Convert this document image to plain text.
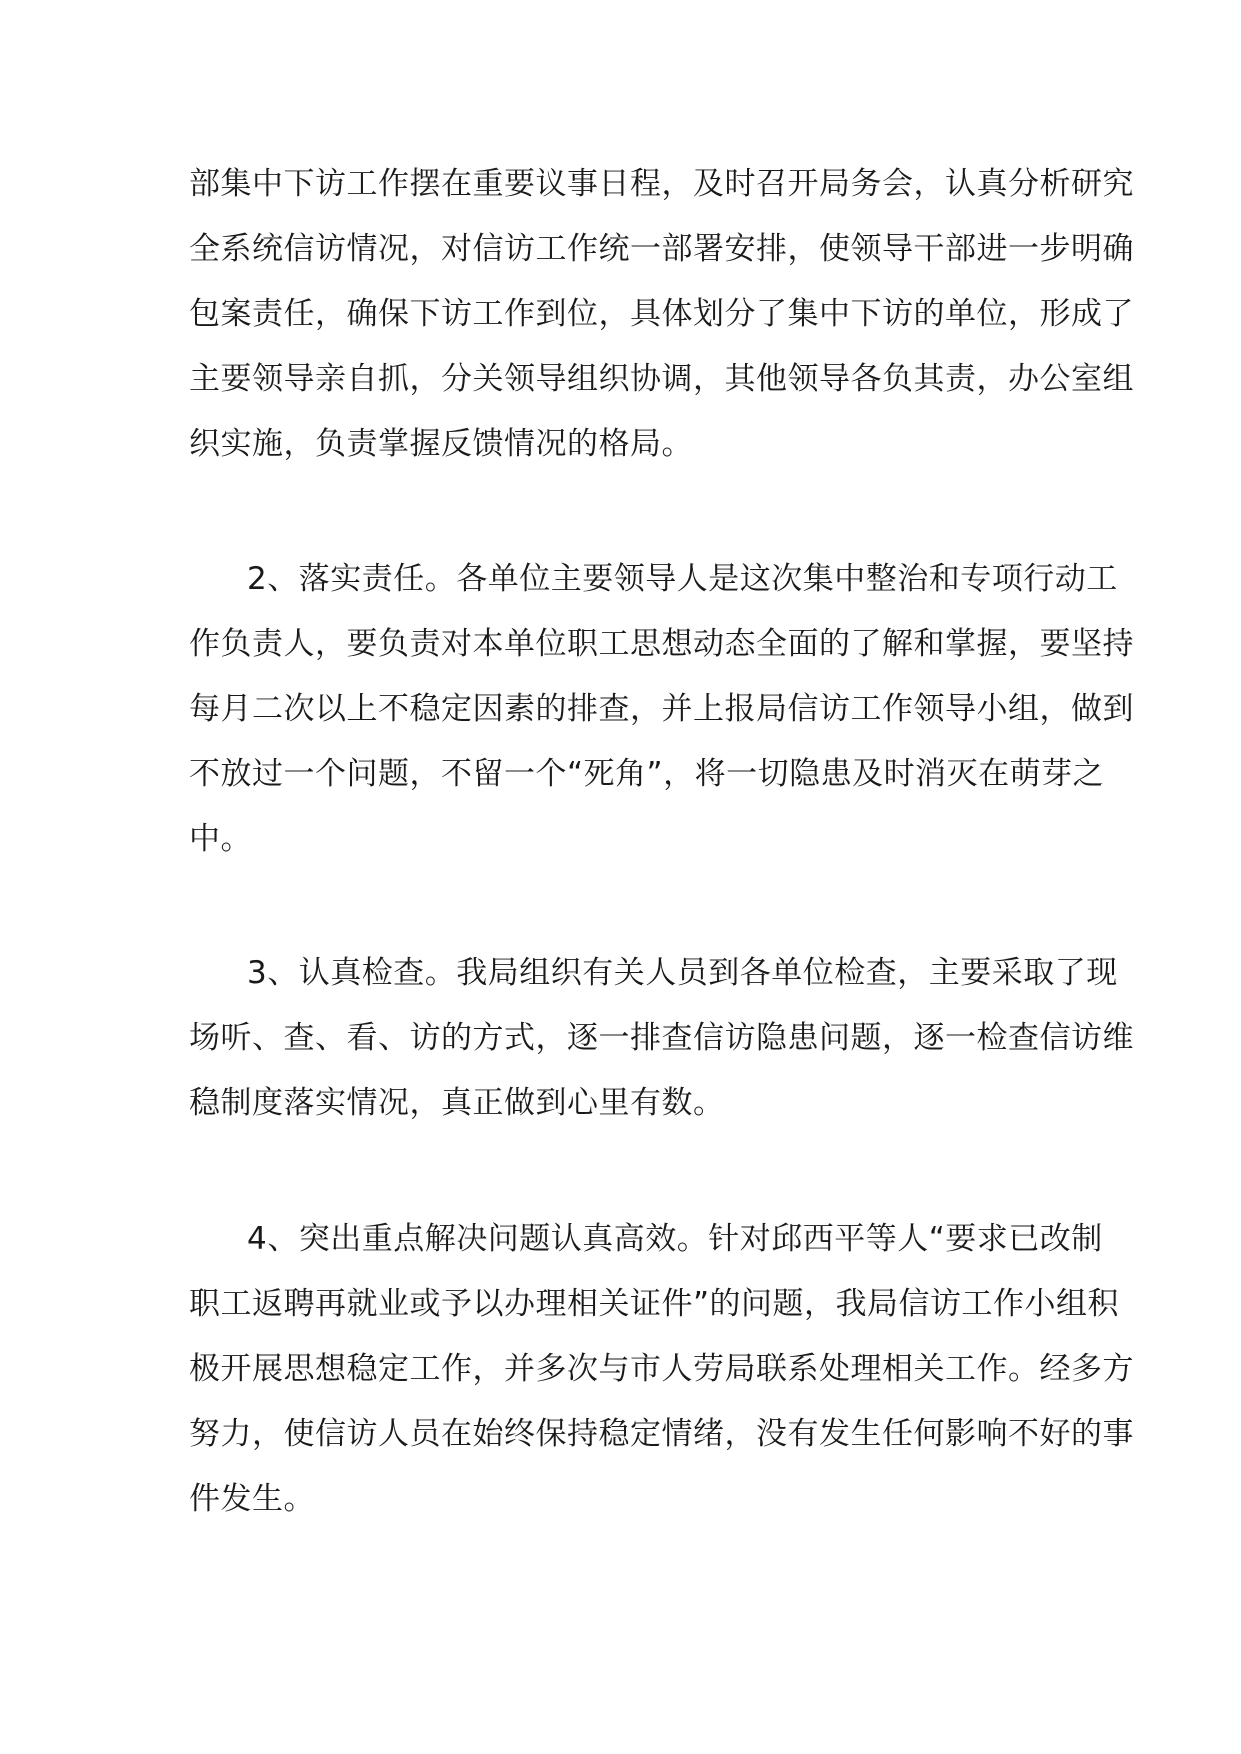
部集中下访工作摆在重要议事日程，及时召开局务会，认真分析研究
全系统信访情况，对信访工作统一部署安排，使领导干部进一步明确
包案责任，确保下访工作到位，具体划分了集中下访的单位，形成了
主要领导亲自抓，分关领导组织协调，其他领导各负其责，办公室组
织实施，负责掌握反馈情况的格局。
2、落实责任。各单位主要领导人是这次集中整治和专项行动工
作负责人，要负责对本单位职工思想动态全面的了解和掌握，要坚持
每月二次以上不稳定因素的排查，并上报局信访工作领导小组，做到
不放过一个问题，不留一个“死角”，将一切隐患及时消灭在萌芽之
中。
3、认真检查。我局组织有关人员到各单位检查，主要采取了现
场听、查、看、访的方式，逐一排查信访隐患问题，逐一检查信访维
稳制度落实情况，真正做到心里有数。
4、突出重点解决问题认真高效。针对邱西平等人“要求已改制
职工返聘再就业或予以办理相关证件”的问题，我局信访工作小组积
极开展思想稳定工作，并多次与市人劳局联系处理相关工作。经多方
努力，使信访人员在始终保持稳定情绪，没有发生任何影响不好的事
件发生。
